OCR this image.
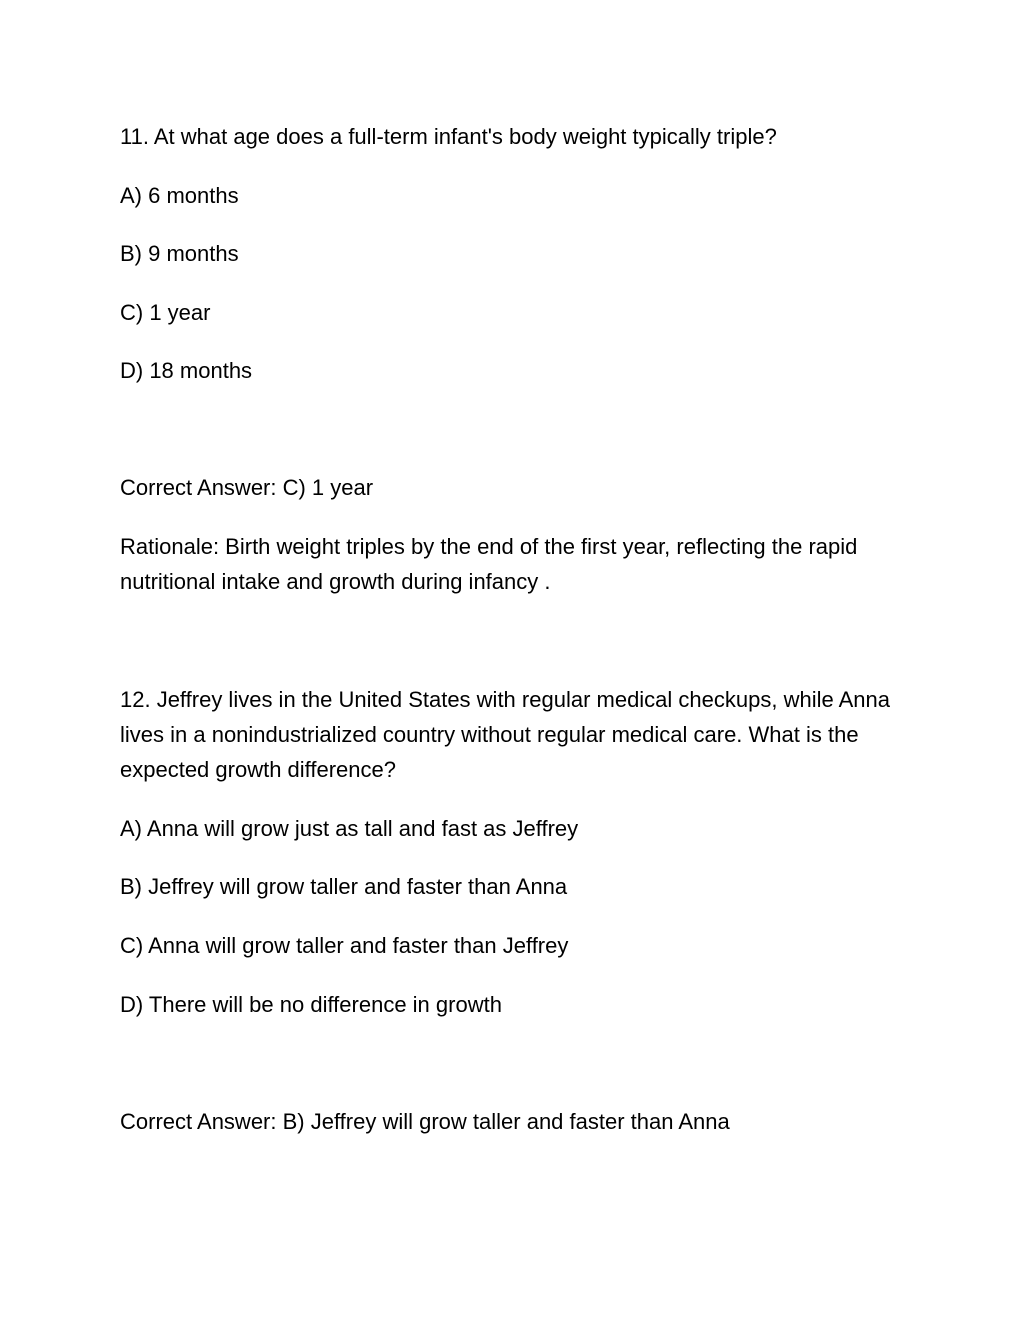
11. At what age does a full-term infant's body weight typically triple?
A) 6 months
B) 9 months
C) 1 year
D) 18 months
Correct Answer: C) 1 year
Rationale: Birth weight triples by the end of the first year, reflecting the rapid nutritional intake and growth during infancy .
12. Jeffrey lives in the United States with regular medical checkups, while Anna lives in a nonindustrialized country without regular medical care. What is the expected growth difference?
A) Anna will grow just as tall and fast as Jeffrey
B) Jeffrey will grow taller and faster than Anna
C) Anna will grow taller and faster than Jeffrey
D) There will be no difference in growth
Correct Answer: B) Jeffrey will grow taller and faster than Anna
